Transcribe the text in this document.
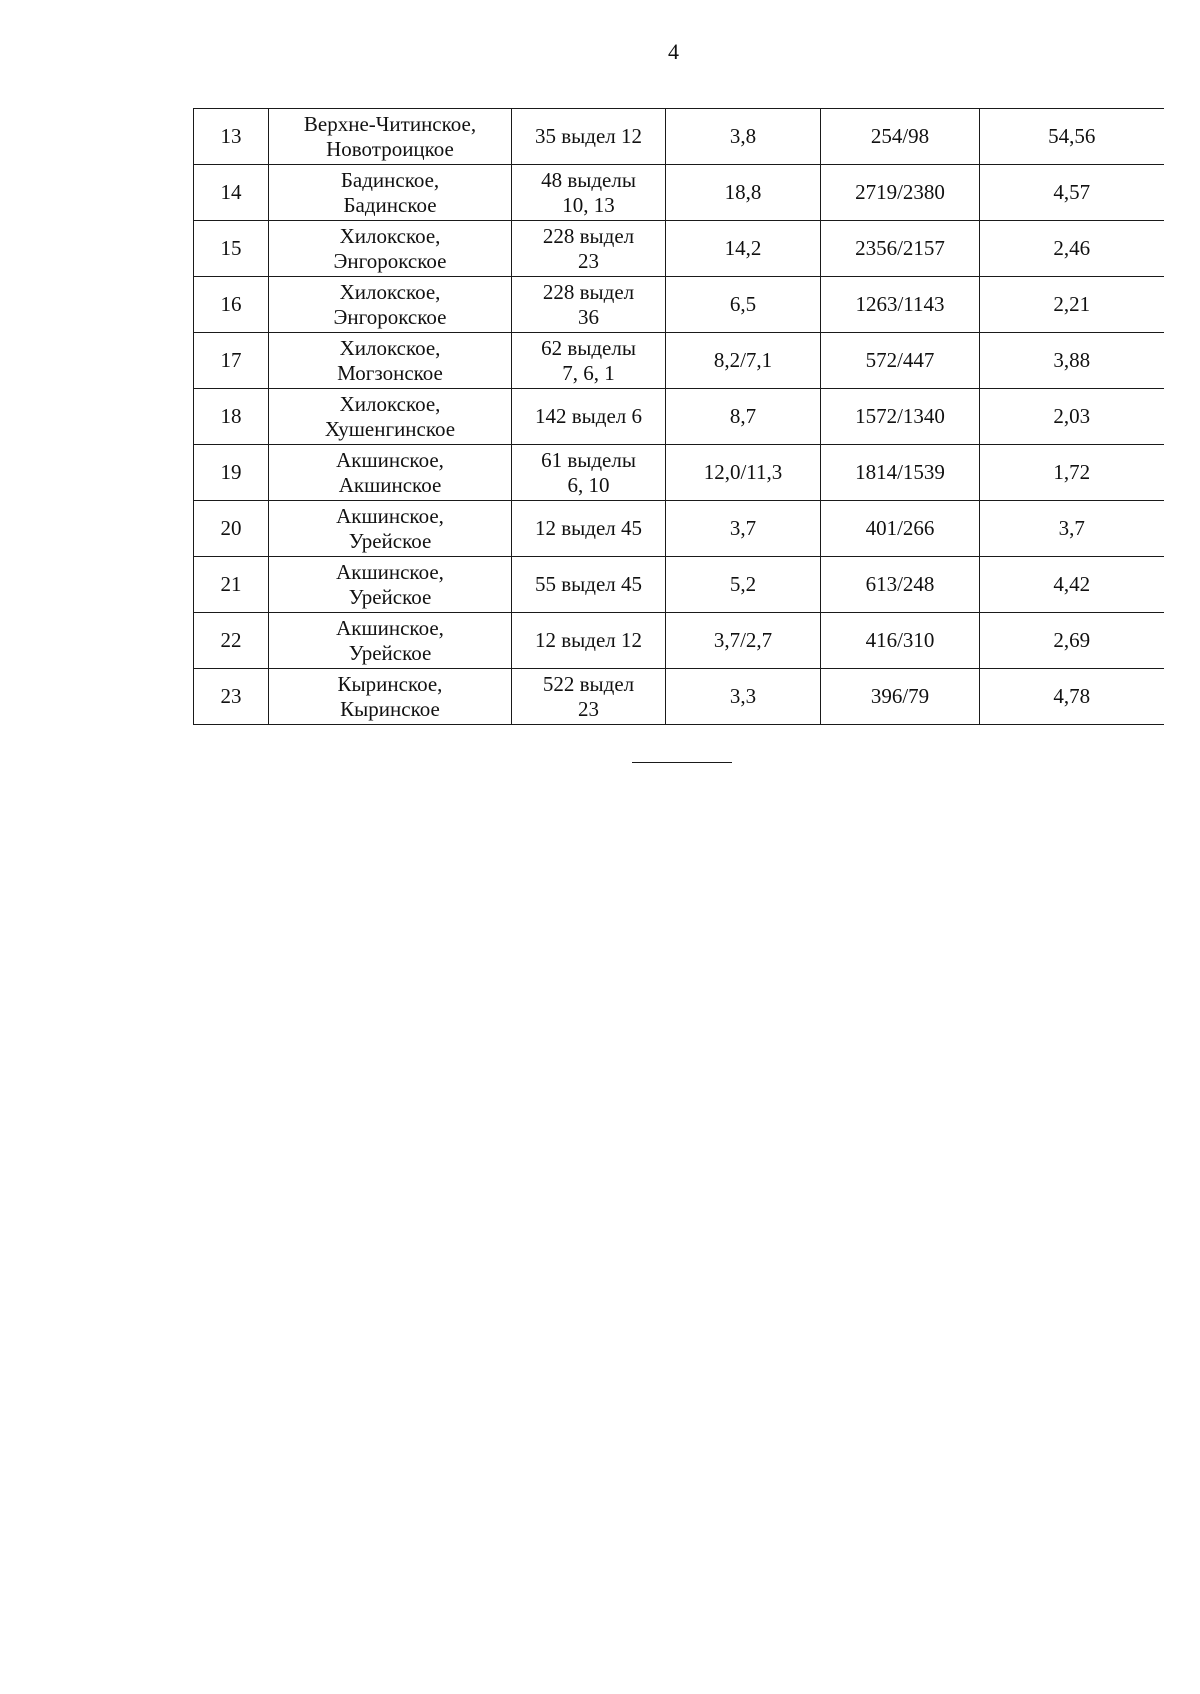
4
13	Верхне-Читинское,
Новотроицкое	35 выдел 12	3,8	254/98	54,56
14	Бадинское,
Бадинское	48 выделы
10, 13	18,8	2719/2380	4,57
15	Хилокское,
Энгорокское	228 выдел
23	14,2	2356/2157	2,46
16	Хилокское,
Энгорокское	228 выдел
36	6,5	1263/1143	2,21
17	Хилокское,
Могзонское	62 выделы
7, 6, 1	8,2/7,1	572/447	3,88
18	Хилокское,
Хушенгинское	142 выдел 6	8,7	1572/1340	2,03
19	Акшинское,
Акшинское	61 выделы
6, 10	12,0/11,3	1814/1539	1,72
20	Акшинское,
Урейское	12 выдел 45	3,7	401/266	3,7
21	Акшинское,
Урейское	55 выдел 45	5,2	613/248	4,42
22	Акшинское,
Урейское	12 выдел 12	3,7/2,7	416/310	2,69
23	Кыринское,
Кыринское	522 выдел
23	3,3	396/79	4,78
